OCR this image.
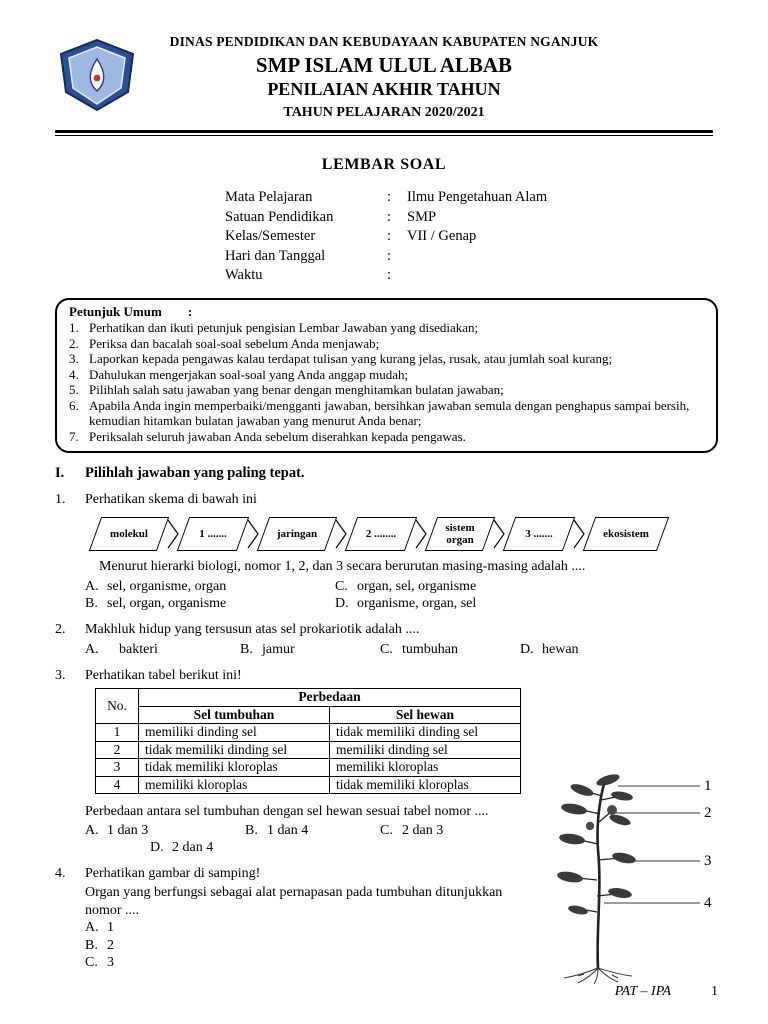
DINAS PENDIDIKAN DAN KEBUDAYAAN KABUPATEN NGANJUK
SMP ISLAM ULUL ALBAB
PENILAIAN AKHIR TAHUN
TAHUN PELAJARAN 2020/2021
LEMBAR SOAL
Mata Pelajaran	:	Ilmu Pengetahuan Alam
Satuan Pendidikan	:	SMP
Kelas/Semester	:	VII / Genap
Hari dan Tanggal	:
Waktu	:
Petunjuk Umum :
1. Perhatikan dan ikuti petunjuk pengisian Lembar Jawaban yang disediakan;
2. Periksa dan bacalah soal-soal sebelum Anda menjawab;
3. Laporkan kepada pengawas kalau terdapat tulisan yang kurang jelas, rusak, atau jumlah soal kurang;
4. Dahulukan mengerjakan soal-soal yang Anda anggap mudah;
5. Pilihlah salah satu jawaban yang benar dengan menghitamkan bulatan jawaban;
6. Apabila Anda ingin memperbaiki/mengganti jawaban, bersihkan jawaban semula dengan penghapus sampai bersih, kemudian hitamkan bulatan jawaban yang menurut Anda benar;
7. Periksalah seluruh jawaban Anda sebelum diserahkan kepada pengawas.
I.	Pilihlah jawaban yang paling tepat.
1.	Perhatikan skema di bawah ini
molekul	1 .......	jaringan	2 ........	sistem organ	3 .......	ekosistem
Menurut hierarki biologi, nomor 1, 2, dan 3 secara berurutan masing-masing adalah ....
A. sel, organisme, organ	C. organ, sel, organisme
B. sel, organ, organisme	D. organisme, organ, sel
2.	Makhluk hidup yang tersusun atas sel prokariotik adalah ....
A. bakteri	B. jamur	C. tumbuhan	D. hewan
3.	Perhatikan tabel berikut ini!
No.	Perbedaan	
	Sel tumbuhan	Sel hewan
1	memiliki dinding sel	tidak memiliki dinding sel
2	tidak memiliki dinding sel	memiliki dinding sel
3	tidak memiliki kloroplas	memiliki kloroplas
4	memiliki kloroplas	tidak memiliki kloroplas
Perbedaan antara sel tumbuhan dengan sel hewan sesuai tabel nomor ....
A. 1 dan 3	B. 1 dan 4	C. 2 dan 3
D. 2 dan 4
4.	Perhatikan gambar di samping!
Organ yang berfungsi sebagai alat pernapasan pada tumbuhan ditunjukkan nomor ....
A. 1
B. 2
C. 3
1
2
3
4
PAT – IPA	1
